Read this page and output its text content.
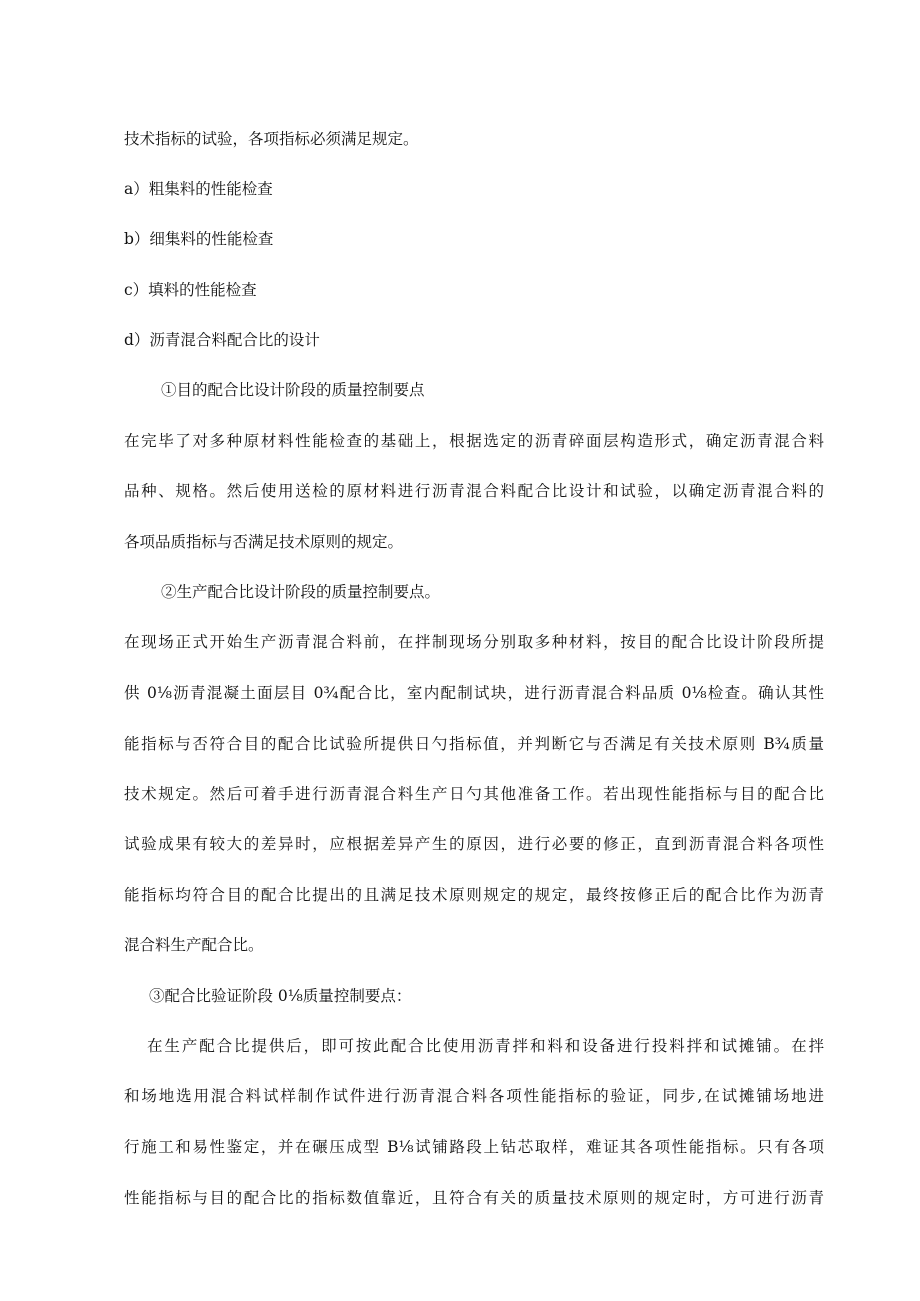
技术指标的试验，各项指标必须满足规定。
a）粗集料的性能检查
b）细集料的性能检查
c）填料的性能检查
d）沥青混合料配合比的设计
①目的配合比设计阶段的质量控制要点
在完毕了对多种原材料性能检查的基础上，根据选定的沥青碎面层构造形式，确定沥青混合料
品种、规格。然后使用送检的原材料进行沥青混合料配合比设计和试验，以确定沥青混合料的
各项品质指标与否满足技术原则的规定。
②生产配合比设计阶段的质量控制要点。
在现场正式开始生产沥青混合料前，在拌制现场分别取多种材料，按目的配合比设计阶段所提
供 0⅛沥青混凝土面层目 0¾配合比，室内配制试块，进行沥青混合料品质 0⅛检查。确认其性
能指标与否符合目的配合比试验所提供日勺指标值，并判断它与否满足有关技术原则 B¾质量
技术规定。然后可着手进行沥青混合料生产日勺其他准备工作。若出现性能指标与目的配合比
试验成果有较大的差异时，应根据差异产生的原因，进行必要的修正，直到沥青混合料各项性
能指标均符合目的配合比提出的且满足技术原则规定的规定，最终按修正后的配合比作为沥青
混合料生产配合比。
③配合比验证阶段 0⅛质量控制要点：
在生产配合比提供后，即可按此配合比使用沥青拌和料和设备进行投料拌和试摊铺。在拌
和场地选用混合料试样制作试件进行沥青混合料各项性能指标的验证，同步,在试摊铺场地进
行施工和易性鉴定，并在碾压成型 B⅛试铺路段上钻芯取样，难证其各项性能指标。只有各项
性能指标与目的配合比的指标数值靠近，且符合有关的质量技术原则的规定时，方可进行沥青
